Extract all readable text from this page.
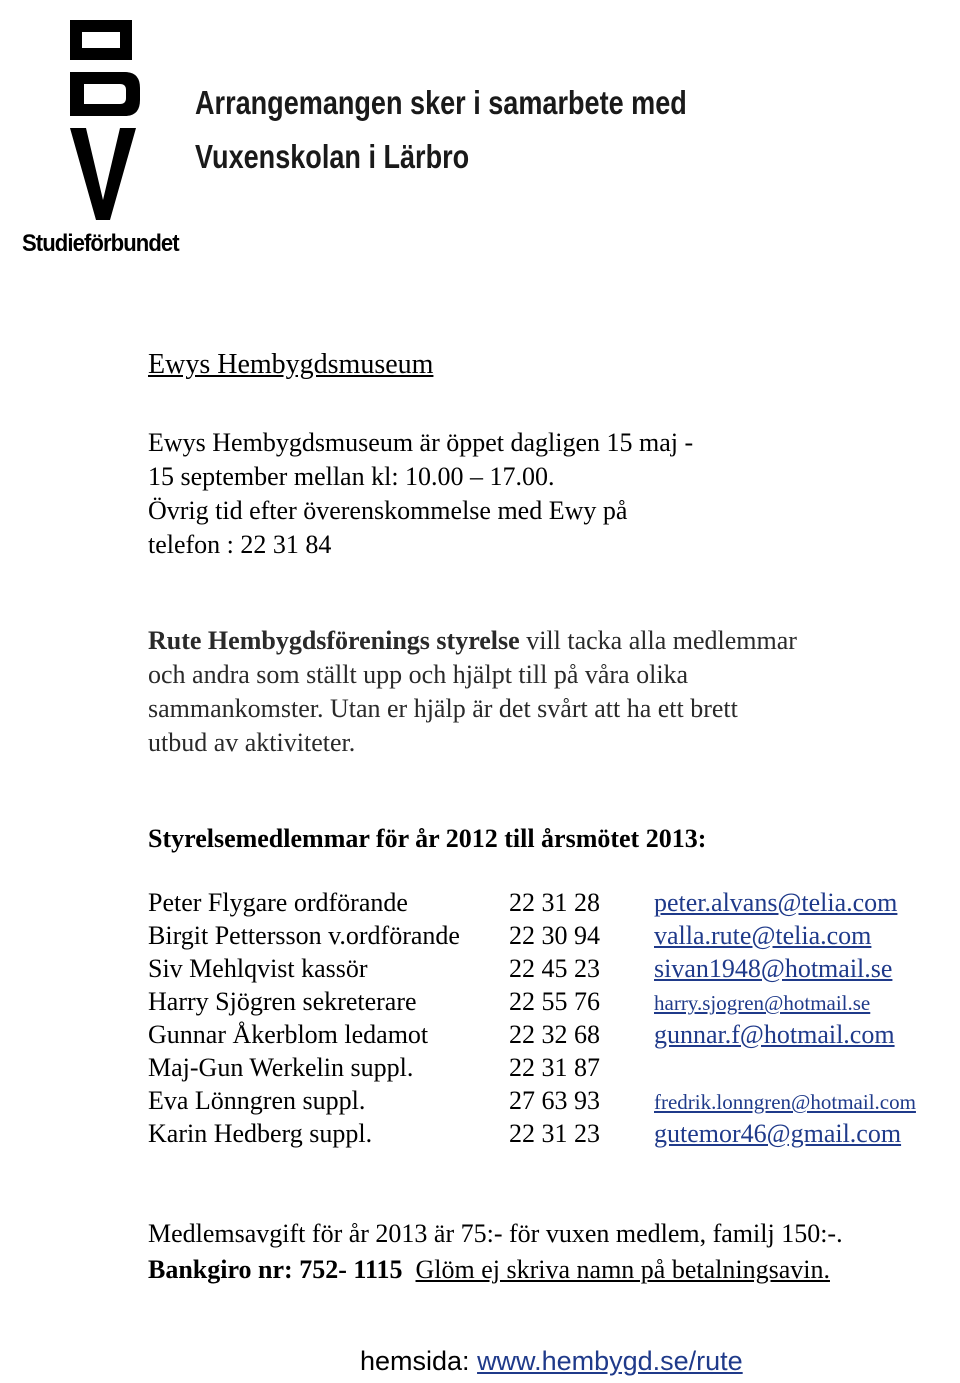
Studieförbundet
Arrangemangen sker i samarbete med
Vuxenskolan i Lärbro
Ewys Hembygdsmuseum
Ewys Hembygdsmuseum är öppet dagligen 15 maj -
15 september mellan kl: 10.00 – 17.00.
Övrig tid efter överenskommelse med Ewy på
telefon : 22 31 84
Rute Hembygdsförenings styrelse vill tacka alla medlemmar
och andra som ställt upp och hjälpt till på våra olika
sammankomster. Utan er hjälp är det svårt att ha ett brett
utbud av aktiviteter.
Styrelsemedlemmar för år 2012 till årsmötet 2013:
Peter Flygare ordförande	22 31 28 peter.alvans@telia.com
Birgit Pettersson v.ordförande 22 30 94 valla.rute@telia.com
Siv Mehlqvist kassör	22 45 23 sivan1948@hotmail.se
Harry Sjögren sekreterare	22 55 76	harry.sjogren@hotmail.se
Gunnar Åkerblom ledamot	22 32 68 gunnar.f@hotmail.com
Maj-Gun Werkelin suppl.	22 31 87
Eva Lönngren suppl.	27 63 93	fredrik.lonngren@hotmail.com
Karin Hedberg suppl.	22 31 23 gutemor46@gmail.com
Medlemsavgift för år 2013 är 75:- för vuxen medlem, familj 150:-.
Bankgiro nr: 752- 1115 Glöm ej skriva namn på betalningsavin.
hemsida: www.hembygd.se/rute
